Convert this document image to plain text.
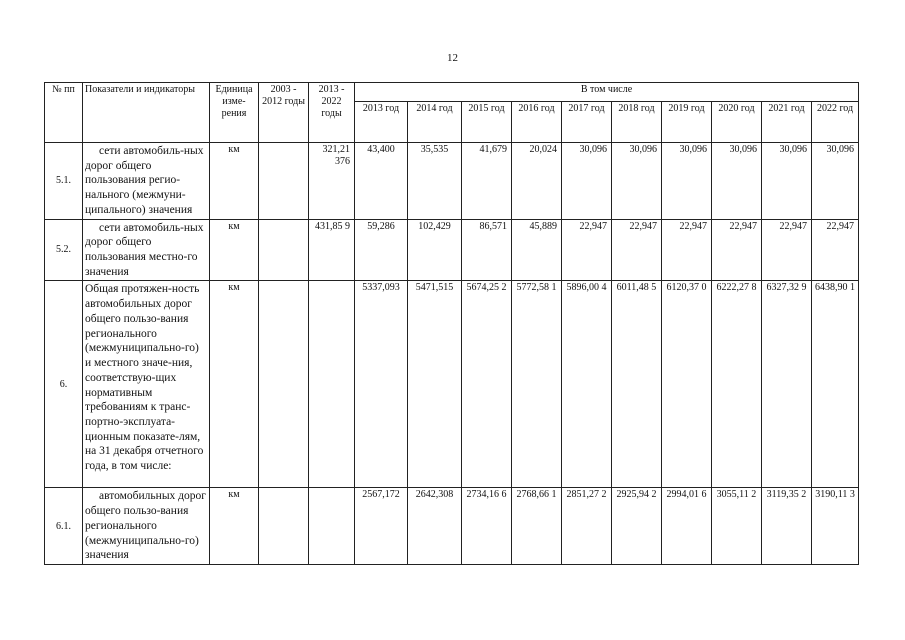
12
№ пп	Показатели и индикаторы	Единица изме-рения	2003 - 2012 годы	2013 - 2022 годы	В том числе									
					2013 год	2014 год	2015 год	2016 год	2017 год	2018 год	2019 год	2020 год	2021 год	2022 год
5.1.	сети автомобиль-ных дорог общего пользования регио-нального (межмуни-ципального) значения	км		321,21 376	43,400	35,535	41,679	20,024	30,096	30,096	30,096	30,096	30,096	30,096
5.2.	сети автомобиль-ных дорог общего пользования местно-го значения	км		431,85 9	59,286	102,429	86,571	45,889	22,947	22,947	22,947	22,947	22,947	22,947
6.	Общая протяжен-ность автомобильных дорог общего пользо-вания регионального (межмуниципально-го) и местного значе-ния, соответствую-щих нормативным требованиям к транс-портно-эксплуата-ционным показате-лям, на 31 декабря отчетного года, в том числе:	км			5337,093	5471,515	5674,25 2	5772,58 1	5896,00 4	6011,48 5	6120,37 0	6222,27 8	6327,32 9	6438,90 1
6.1.	автомобильных дорог общего пользо-вания регионального (межмуниципально-го) значения	км			2567,172	2642,308	2734,16 6	2768,66 1	2851,27 2	2925,94 2	2994,01 6	3055,11 2	3119,35 2	3190,11 3
